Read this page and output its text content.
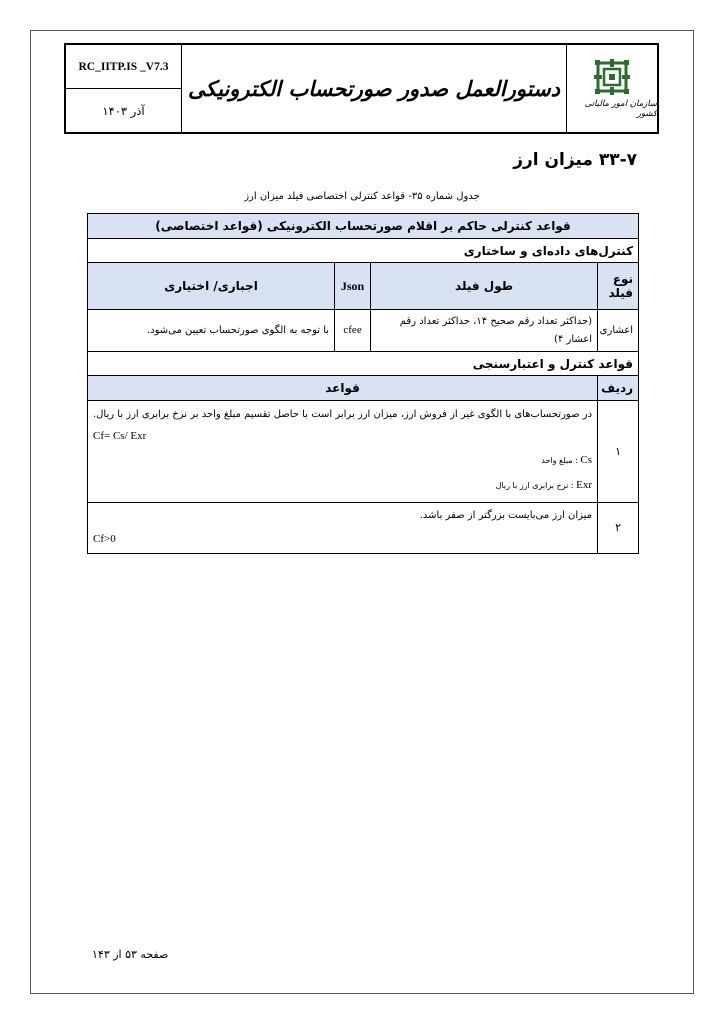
RC_IITP.IS _V7.3
آذر ۱۴۰۳
دستورالعمل صدور صورتحساب الکترونیکی
سازمان امور مالیاتی کشور
۳۳-۷ میزان ارز
جدول شماره ۳۵- قواعد کنترلی اختصاصی فیلد میزان ارز
قواعد کنترلی حاکم بر اقلام صورتحساب الکترونیکی (قواعد اختصاصی)			
کنترل‌های داده‌ای و ساختاری			
نوع فیلد	طول فیلد	Json	اجباری/ اختیاری
اعشاری	(حداکثر تعداد رقم صحیح ۱۴، حداکثر تعداد رقم اعشار ۴)	cfee	با توجه به الگوی صورتحساب تعیین می‌شود.
قواعد کنترل و اعتبارسنجی			
ردیف	قواعد		
۱	در صورتحساب‌های با الگوی غیر از فروش ارز، میزان ارز برابر است با حاصل تقسیم مبلغ واحد بر نرخ برابری ارز با ریال.
Cf= Cs/ Exr
Cs : مبلغ واحد
Exr : نرخ برابری ارز با ریال		

۲	میزان ارز می‌بایست بزرگتر از صفر باشد.
Cf>0		
صفحه ۵۳ از ۱۴۳
